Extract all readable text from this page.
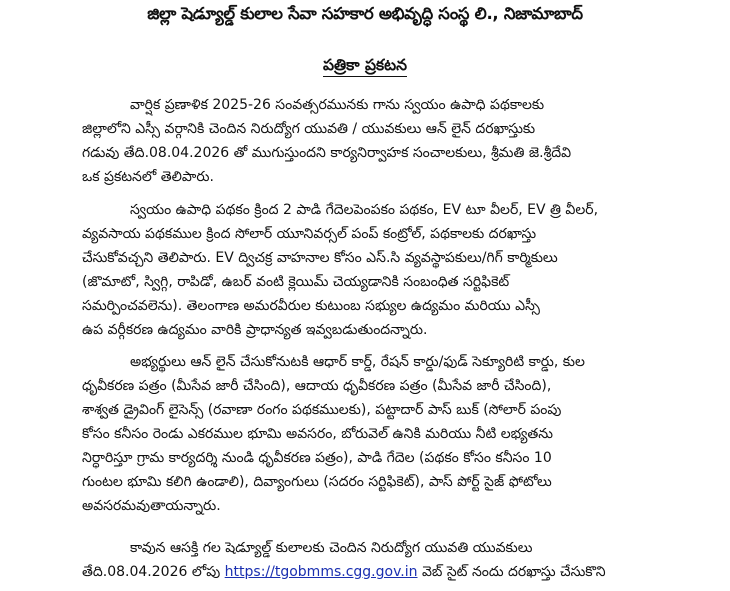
జిల్లా షెడ్యూల్డ్ కులాల సేవా సహకార అభివృద్ధి సంస్థ లి., నిజామాబాద్
పత్రికా ప్రకటన
వార్షిక ప్రణాళిక 2025-26 సంవత్సరమునకు గాను స్వయం ఉపాధి పథకాలకు
జిల్లాలోని ఎస్సీ వర్గానికి చెందిన నిరుద్యోగ యువతి / యువకులు ఆన్ లైన్ దరఖాస్తుకు
గడువు తేది.08.04.2026 తో ముగుస్తుందని కార్యనిర్వాహక సంచాలకులు, శ్రీమతి జె.శ్రీదేవి
ఒక ప్రకటనలో తెలిపారు.
స్వయం ఉపాధి పథకం క్రింద 2 పాడి గేదెలపెంపకం పథకం, EV టూ వీలర్, EV త్రి వీలర్,
వ్యవసాయ పథకముల క్రింద సోలార్ యూనివర్సల్ పంప్ కంట్రోల్, పథకాలకు దరఖాస్తు
చేసుకోవచ్చని తెలిపారు. EV ద్విచక్ర వాహనాల కోసం ఎస్.సి వ్యవస్థాపకులు/గిగ్ కార్మికులు
(జొమాటో, స్విగ్గి, రాపిడో, ఉబర్ వంటి క్లెయిమ్ చెయ్యడానికి సంబంధిత సర్టిఫికెట్
సమర్పించవలెను). తెలంగాణ అమరవీరుల కుటుంబ సభ్యుల ఉద్యమం మరియు ఎస్సీ
ఉప వర్గీకరణ ఉద్యమం వారికి ప్రాధాన్యత ఇవ్వబడుతుందన్నారు.
అభ్యర్థులు ఆన్ లైన్ చేసుకోనుటకి ఆధార్ కార్డ్, రేషన్ కార్డు/ఫుడ్ సెక్యూరిటి కార్డు, కుల
ధృవీకరణ పత్రం (మీసేవ జారీ చేసింది), ఆదాయ ధృవీకరణ పత్రం (మీసేవ జారీ చేసింది),
శాశ్వత డ్రైవింగ్ లైసెన్స్ (రవాణా రంగం పథకములకు), పట్టాదార్ పాస్ బుక్ (సోలార్ పంపు
కోసం కనీసం రెండు ఎకరముల భూమి అవసరం, బోరువెల్ ఉనికి మరియు నీటి లభ్యతను
నిర్ధారిస్తూ గ్రామ కార్యదర్శి నుండి ధృవీకరణ పత్రం), పాడి గేదెల (పథకం కోసం కనీసం 10
గుంటల భూమి కలిగి ఉండాలి), దివ్యాంగులు (సదరం సర్టిఫికెట్), పాస్ పోర్ట్ సైజ్ ఫోటోలు
అవసరమవుతాయన్నారు.
కావున ఆసక్తి గల షెడ్యూల్డ్ కులాలకు చెందిన నిరుద్యోగ యువతి యువకులు
తేది.08.04.2026 లోపు https://tgobmms.cgg.gov.in వెబ్ సైట్ నందు దరఖాస్తు చేసుకొని
